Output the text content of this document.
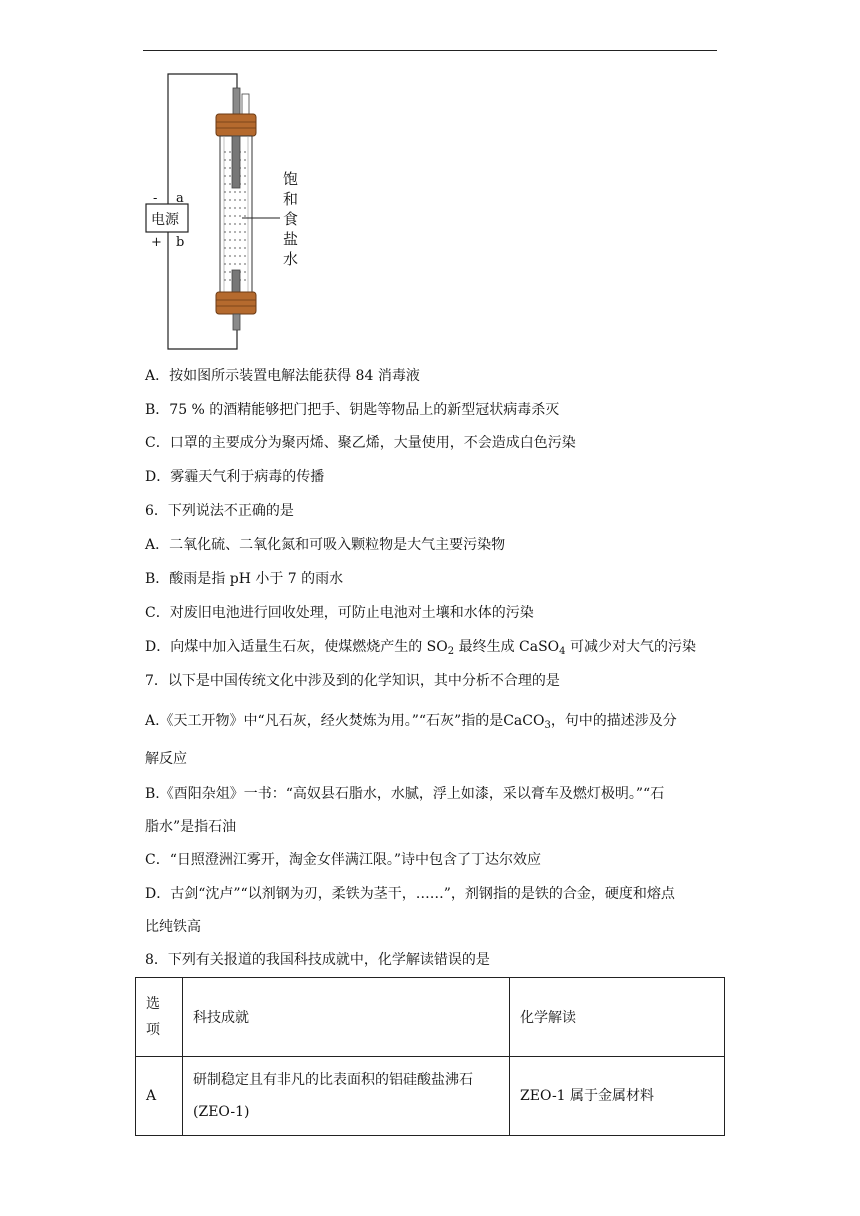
电源
- a
+ b
饱
和
食
盐
水
A．按如图所示装置电解法能获得 84 消毒液
B．75 % 的酒精能够把门把手、钥匙等物品上的新型冠状病毒杀灭
C．口罩的主要成分为聚丙烯、聚乙烯，大量使用，不会造成白色污染
D．雾霾天气利于病毒的传播
6．下列说法不正确的是
A．二氧化硫、二氧化氮和可吸入颗粒物是大气主要污染物
B．酸雨是指 pH 小于 7 的雨水
C．对废旧电池进行回收处理，可防止电池对土壤和水体的污染
D．向煤中加入适量生石灰，使煤燃烧产生的 $SO_2$ 最终生成 CaSO$_4$ 可减少对大气的污染
7．以下是中国传统文化中涉及到的化学知识，其中分析不合理的是
A.《天工开物》中“凡石灰，经火焚炼为用。”“石灰”指的是CaCO$_3$，句中的描述涉及分
解反应
B.《酉阳杂俎》一书：“高奴县石脂水，水腻，浮上如漆，采以膏车及燃灯极明。”“石
脂水”是指石油
C．“日照澄洲江雾开，淘金女伴满江限。”诗中包含了丁达尔效应
D．古剑“沈卢”“以剂钢为刃，柔铁为茎干，……”，剂钢指的是铁的合金，硬度和熔点
比纯铁高
8．下列有关报道的我国科技成就中，化学解读错误的是
选
项	科技成就	化学解读
A	研制稳定且有非凡的比表面积的铝硅酸盐沸石
(ZEO-1)	ZEO-1 属于金属材料
